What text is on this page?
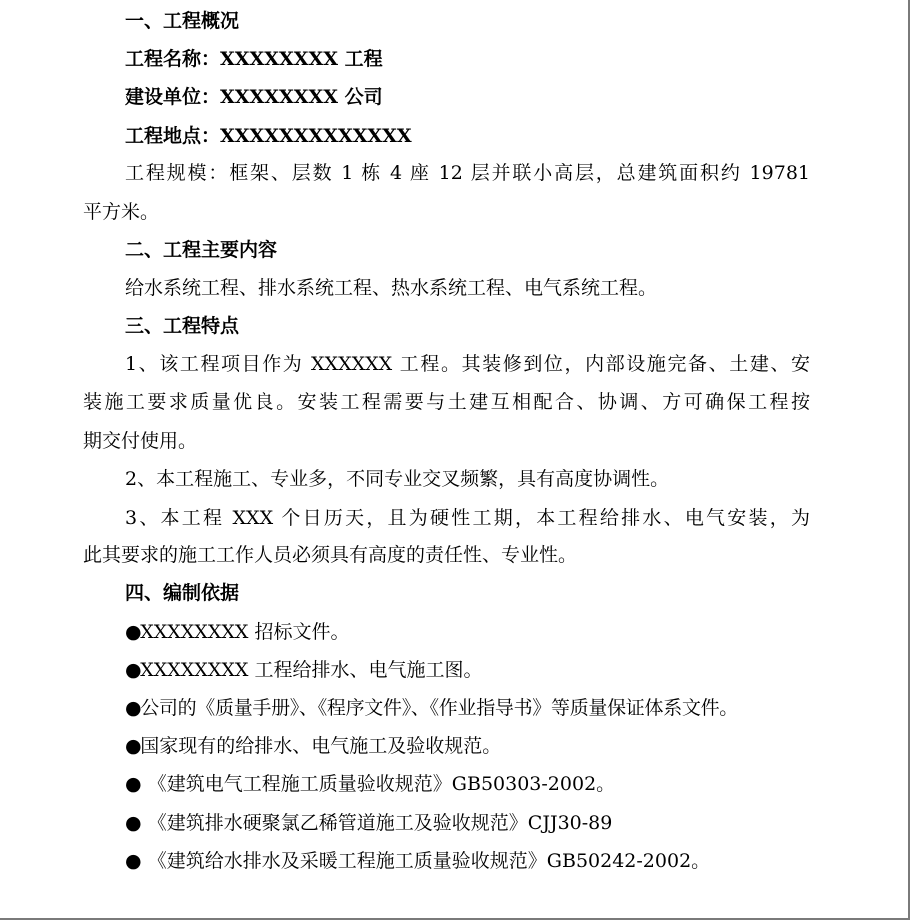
一、工程概况
工程名称：XXXXXXXX 工程
建设单位：XXXXXXXX 公司
工程地点：XXXXXXXXXXXXX
工程规模：框架、层数 1 栋 4 座 12 层并联小高层，总建筑面积约 19781
平方米。
二、工程主要内容
给水系统工程、排水系统工程、热水系统工程、电气系统工程。
三、工程特点
1、该工程项目作为 XXXXXX 工程。其装修到位，内部设施完备、土建、安
装施工要求质量优良。安装工程需要与土建互相配合、协调、方可确保工程按
期交付使用。
2、本工程施工、专业多，不同专业交叉频繁，具有高度协调性。
3、本工程 XXX 个日历天，且为硬性工期，本工程给排水、电气安装，为
此其要求的施工工作人员必须具有高度的责任性、专业性。
四、编制依据
●XXXXXXXX 招标文件。
●XXXXXXXX 工程给排水、电气施工图。
●公司的《质量手册》、《程序文件》、《作业指导书》等质量保证体系文件。
●国家现有的给排水、电气施工及验收规范。
● 《建筑电气工程施工质量验收规范》GB50303-2002。
● 《建筑排水硬聚氯乙稀管道施工及验收规范》CJJ30-89
● 《建筑给水排水及采暖工程施工质量验收规范》GB50242-2002。
